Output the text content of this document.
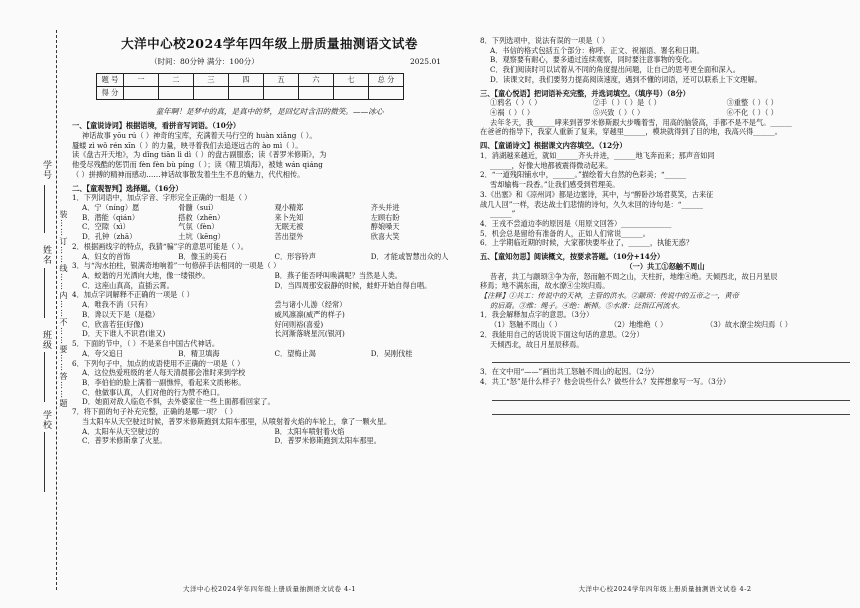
学号
姓名
班级
学校
装……订……线……内……不……要……答……题
大洋中心校2024学年四年级上册质量抽测语文试卷
（时间：80分钟 满分：100分）	2025.01
题 号	一	二	三	四	五	六	七	总 分
得 分								
童年啊！是梦中的真，是真中的梦，是回忆时含泪的微笑。——冰心
一、【童说诗词】根据语境，看拼音写词语。（10分）
神话故事 yōu rú（ ）神奇的宝库，充满着天马行空的 huàn xiǎng（ ）。
蜃蝼 zì wǒ rén xīn（ ）的力量，映寻着我们去追逐远古的 ào mì（ ）。
读《盘古开天地》，为 dǐng tiān lì dì（ ）的盘古副服惑；读《普罗米修斯》，为
他受尽残酷的惩罚而 fèn fèn bù píng（ ）；读《精卫填海》，被她 wán qiáng
（ ）拼搏的精神而感动……神话故事散发着生生不息的魅力，代代相传。
二、【童观智判】选择题。（16分）
1．下列词语中，加点字音、字形完全正确的一组是（ ）
A．宁（níng）愿	骨髓（suí）	观小精郑	齐头并进
B．潜能（qián）	搭救（zhēn）	来卜先知	左顾右盼
C．空隙（xì）	气氛（fèn）	无眠无被	醇娘嗓天
D．孔钟（zhā）	土坑（kēng）	苦出望外	欣喜大笑
2．根据画线字的特点，我猜“骗”字的意思可能是（ ）。
A．妇女的首饰	B．像玉的美石	C．形容铃声	D．才能或智慧出众的人
3．与“沟水拍柱，银满奇地响着”一句修辞手法相同的一项是（ ）
A．蛟谐的月光洒向大地，像一缕银纱。	B．燕子能否呼叫唤满呢？当然是人类。
C．这座山真高，直插云霄。	D．当四周那安寂静的时候，蛙虾开始自得自唱。
4．加点字词解释不正确的一项是（ ）
A．唯我不消（只有）	尝与诸小儿游（经常）
B．谗以天下是（是稳）	威风凛凛(威严的样子)
C．欣喜若狂(好像)	好问则裕(喜爱)
D．天下谁人不识君(谁又)	长河渐落晓星沉(银河)
5．下面的节中，（ ）不是来自中国古代神话。
A．夸父追日	B．精卫填海	C．望梅止渴	D．吴刚伐桂
6．下列句子中，加点的成语使用不正确的一项是（ ）
A．这位热爱班级的老人每天清晨都会准时来到学校
B．李伯伯的脸上满着一副憔悴，看起来文质彬彬。
C．他做事认真，人们对他的行为赞不绝口。
D．她面对敌人临危不惧，去外婆家住一些上面都看回家了。
7．将下面的句子补充完整，正确的是哪一项？（ ）
当太阳车从天空驶过时候，普罗米修斯跑到太阳车那里，从喷射着火焰的车轮上，拿了一颗火星。
A．太阳车从天空驶过的	B．太阳车喷射着火焰
C．普罗米修斯拿了火星。	D．普罗米修斯跑到太阳车那里。
大洋中心校2024学年四年级上册质量抽测语文试卷 4-1
8．下列选项中，说法有误的一项是（ ）
A．书信的格式包括五个部分：称呼、正文、祝福语、署名和日期。
B．观察要有耐心，要多通过连续观察，同时要注意事物的变化。
C．我们阅读时可以试着从不同的角度提出问题，让自己的思考更全面和深入。
D．读课文时，我们要努力提高阅读速度，遇到不懂的词语，还可以联系上下文理解。
三、【童心悦语】把词语补充完整，并选词填空。（填序号）（8分）
①鸦名（ ）（ ）	②手（ ）（ ）是（ ）	③重整（ ）（ ）
④祸（ ）（ ）	⑤兴致（ ）（ ）	⑥不化（ ）（ ）
去年冬天，我______哮来到普罗米修斯跟大步嘴着雪，用高的脑袋高，手都不是不是气。______
在爸爸的指导下，我家人重新了复来，穿越里______，模块就得到了目的地，我高兴得______。
四、【童诵诗文】根据课文内容填空。（12分）
1．消湖越来越近，就如______齐头并进，______地飞奔而来；那声音如同
______，好像大地都被震得微动起来。
2．“一道残阳铺水中，______。”描绘着大自然的色彩美；“______
雪却输梅一段香。”让我们感受到哲理美。
3.《出塞》和《凉州词》都是边塞诗，其中，与“醉卧沙场君莫笑，古来征
战几人回”一样，表达战士们悲情的诗句，久久未回的诗句是：“______
______”
4．王戎不尝道边李的原因是（用原文回答）______________
5．机会总是留给有准备的人，正如人们常说______。
6．上学期临近期的时候，大家都快要毕业了，______，执能无惑？
五、【童知勿思】阅读概文，按要求答题。（10分+14分）
（一）共工①怒触不周山
昔者，共工与颛顼③争为帝，怒而触不周之山，天柱折，地维④绝。天倾西北，故日月星辰
移焉；地不满东南，故水潦④尘埃归焉。
【注释】①共工：传说中的天神，主管的洪水。②颛顼：传说中的五帝之一，黄帝
的后裔。③维：绳子。④绝：断掉。⑤水潦：泛指江河流水。
1．我会解释加点字的意思。（3分）
（1）怒触不周山（ ）	（2）地维绝（ ）	（3）故水潦尘埃归焉（ ）
2．我能用自己的话说说下面这句话的意思。（2分）
天倾西北，故日月星辰移焉。
3．在文中用“——”画出共工怒触不周山的起因。（2分）
4．共工“怒”是什么样子？他会说些什么？做些什么？发挥想象写一写。（3分）
大洋中心校2024学年四年级上册质量抽测语文试卷 4-2
